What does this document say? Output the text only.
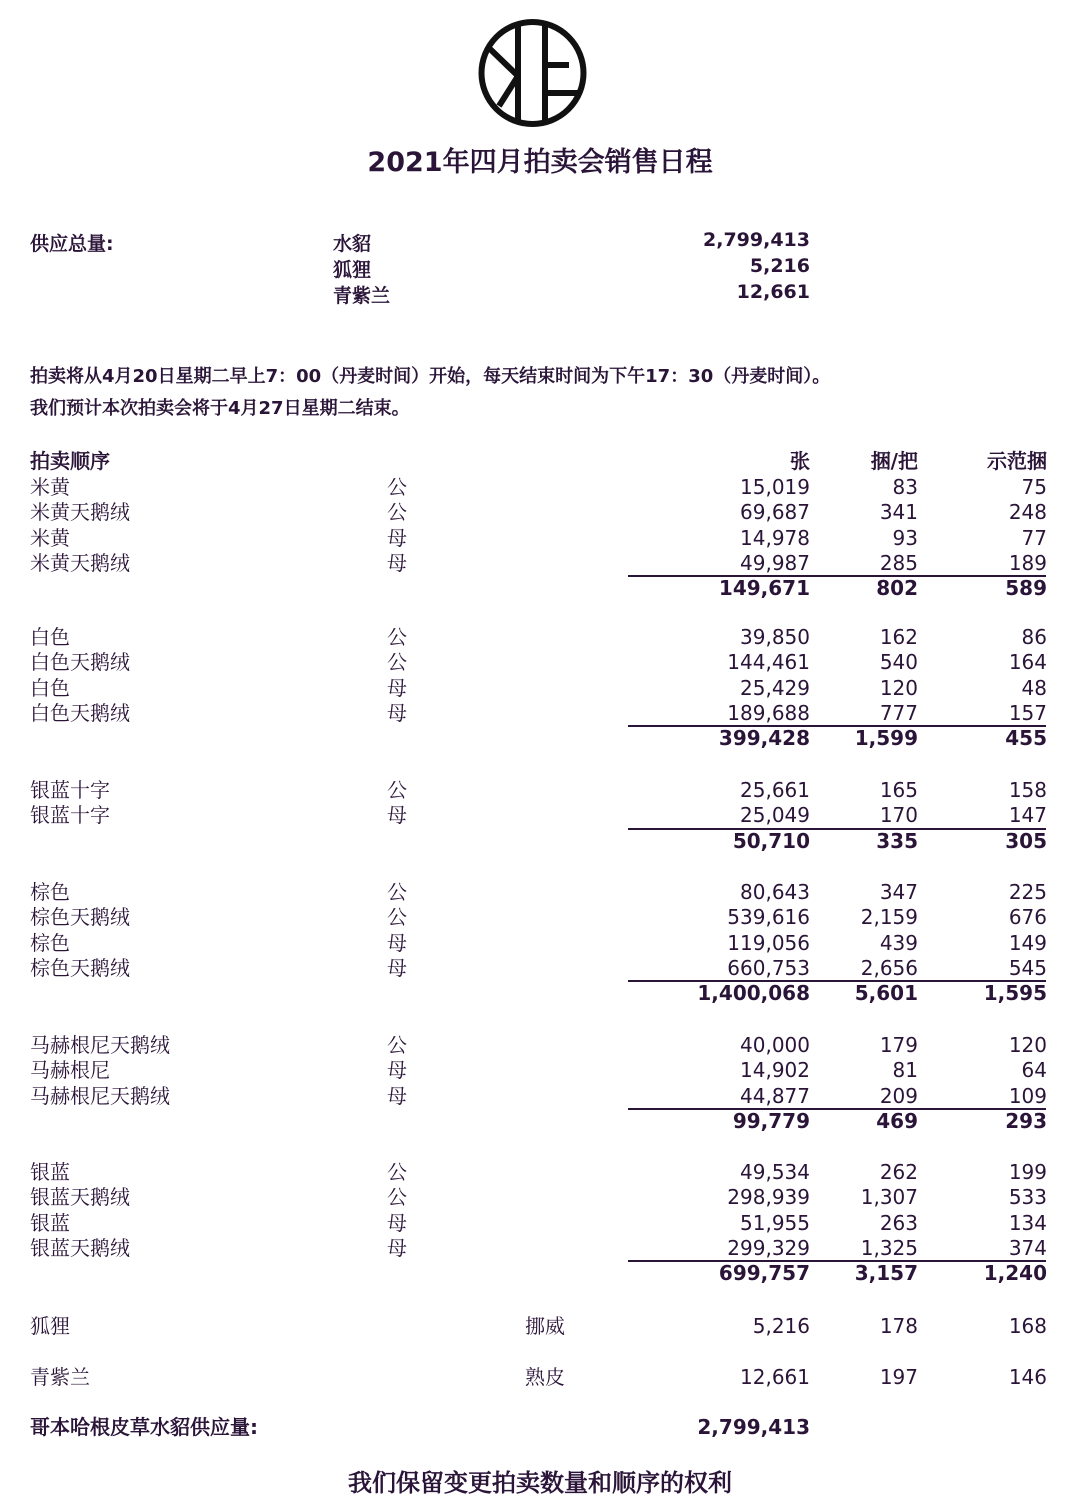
2021年四月拍卖会销售日程
供应总量:	水貂	2,799,413
狐狸	5,216
青紫兰	12,661
拍卖将从4月20日星期二早上7：00（丹麦时间）开始，每天结束时间为下午17：30（丹麦时间）。
我们预计本次拍卖会将于4月27日星期二结束。
拍卖顺序	张	捆/把	示范捆
米黄	公	15,019	83	75
米黄天鹅绒	公	69,687	341	248
米黄	母	14,978	93	77
米黄天鹅绒	母	49,987	285	189
149,671	802	589
白色	公	39,850	162	86
白色天鹅绒	公	144,461	540	164
白色	母	25,429	120	48
白色天鹅绒	母	189,688	777	157
399,428 1,599	455
银蓝十字	公	25,661	165	158
银蓝十字	母	25,049	170	147
50,710	335	305
棕色	公	80,643	347	225
棕色天鹅绒	公	539,616	2,159	676
棕色	母	119,056	439	149
棕色天鹅绒	母	660,753	2,656	545
1,400,068 5,601	1,595
马赫根尼天鹅绒	公	40,000	179	120
马赫根尼	母	14,902	81	64
马赫根尼天鹅绒	母	44,877	209	109
99,779	469	293
银蓝	公	49,534	262	199
银蓝天鹅绒	公	298,939	1,307	533
银蓝	母	51,955	263	134
银蓝天鹅绒	母	299,329	1,325	374
699,757 3,157	1,240
狐狸	挪威	5,216	178	168
青紫兰	熟皮	12,661	197	146
哥本哈根皮草水貂供应量:	2,799,413
我们保留变更拍卖数量和顺序的权利
